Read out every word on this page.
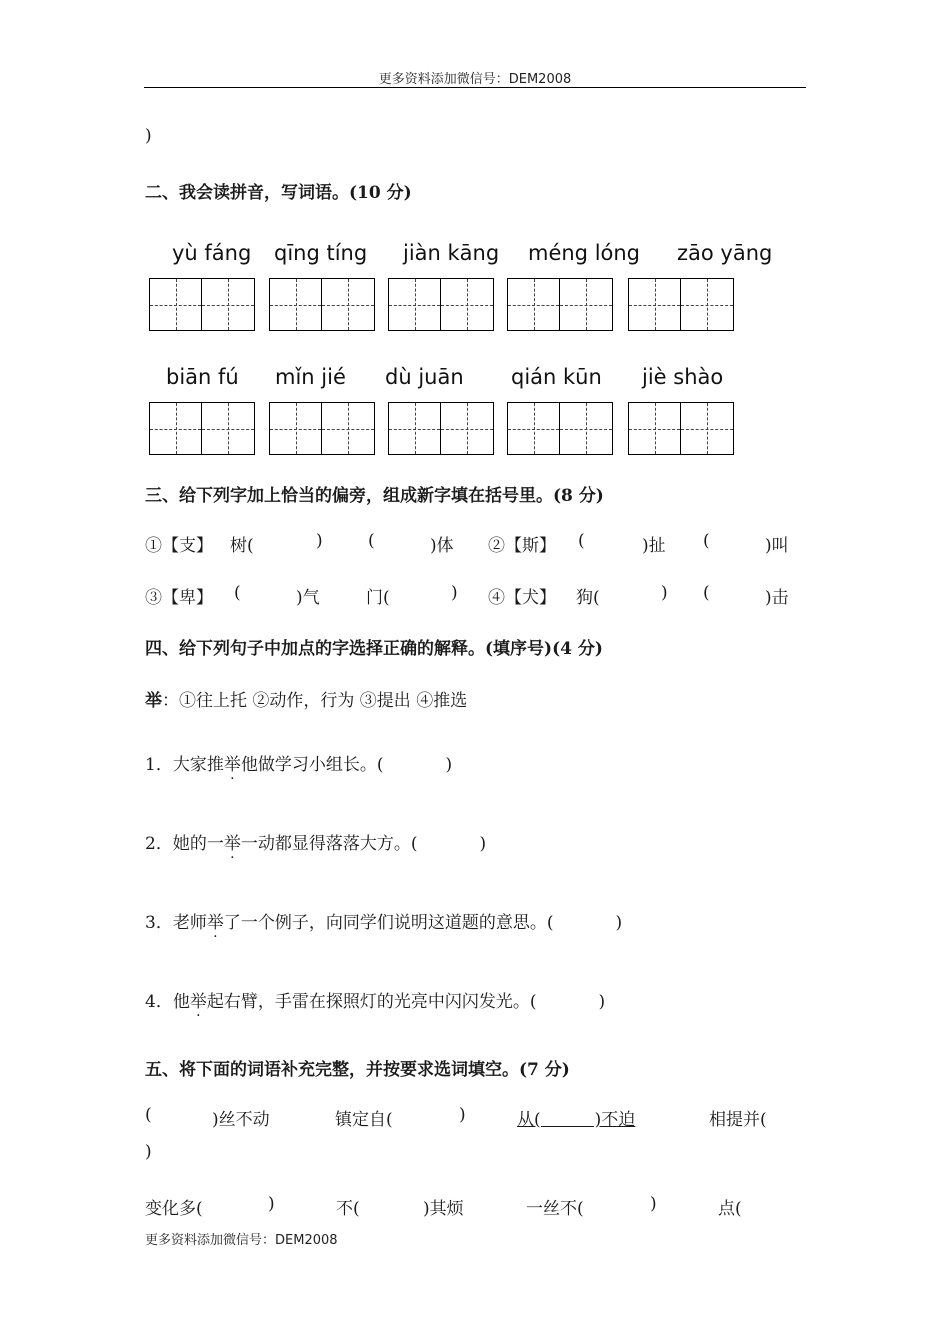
更多资料添加微信号：DEM2008
)
二、我会读拼音，写词语。(10 分)
yù fáng qīng tíng jiàn kāng méng lóng zāo yāng
biān fú mǐn jié dù juān qián kūn jiè shào
三、给下列字加上恰当的偏旁，组成新字填在括号里。(8 分)
①【支】 树(	)	(	)体 ②【斯】 (	)扯 (	)叫
③【卑】 (	)气	门(	) ④【犬】 狗(	) (	)击
四、给下列句子中加点的字选择正确的解释。(填序号)(4 分)
举：①往上托 ②动作，行为 ③提出 ④推选
1．大家推举他做学习小组长。(	)
2．她的一举一动都显得落落大方。(	)
3．老师举了一个例子，向同学们说明这道题的意思。(	)
4．他举起右臂，手雷在探照灯的光亮中闪闪发光。(	)
五、将下面的词语补充完整，并按要求选词填空。(7 分)
(	)丝不动	镇定自(	)	从(          )不迫	相提并(
)
变化多(	)	不(	)其烦	一丝不(	)	点(
更多资料添加微信号：DEM2008
